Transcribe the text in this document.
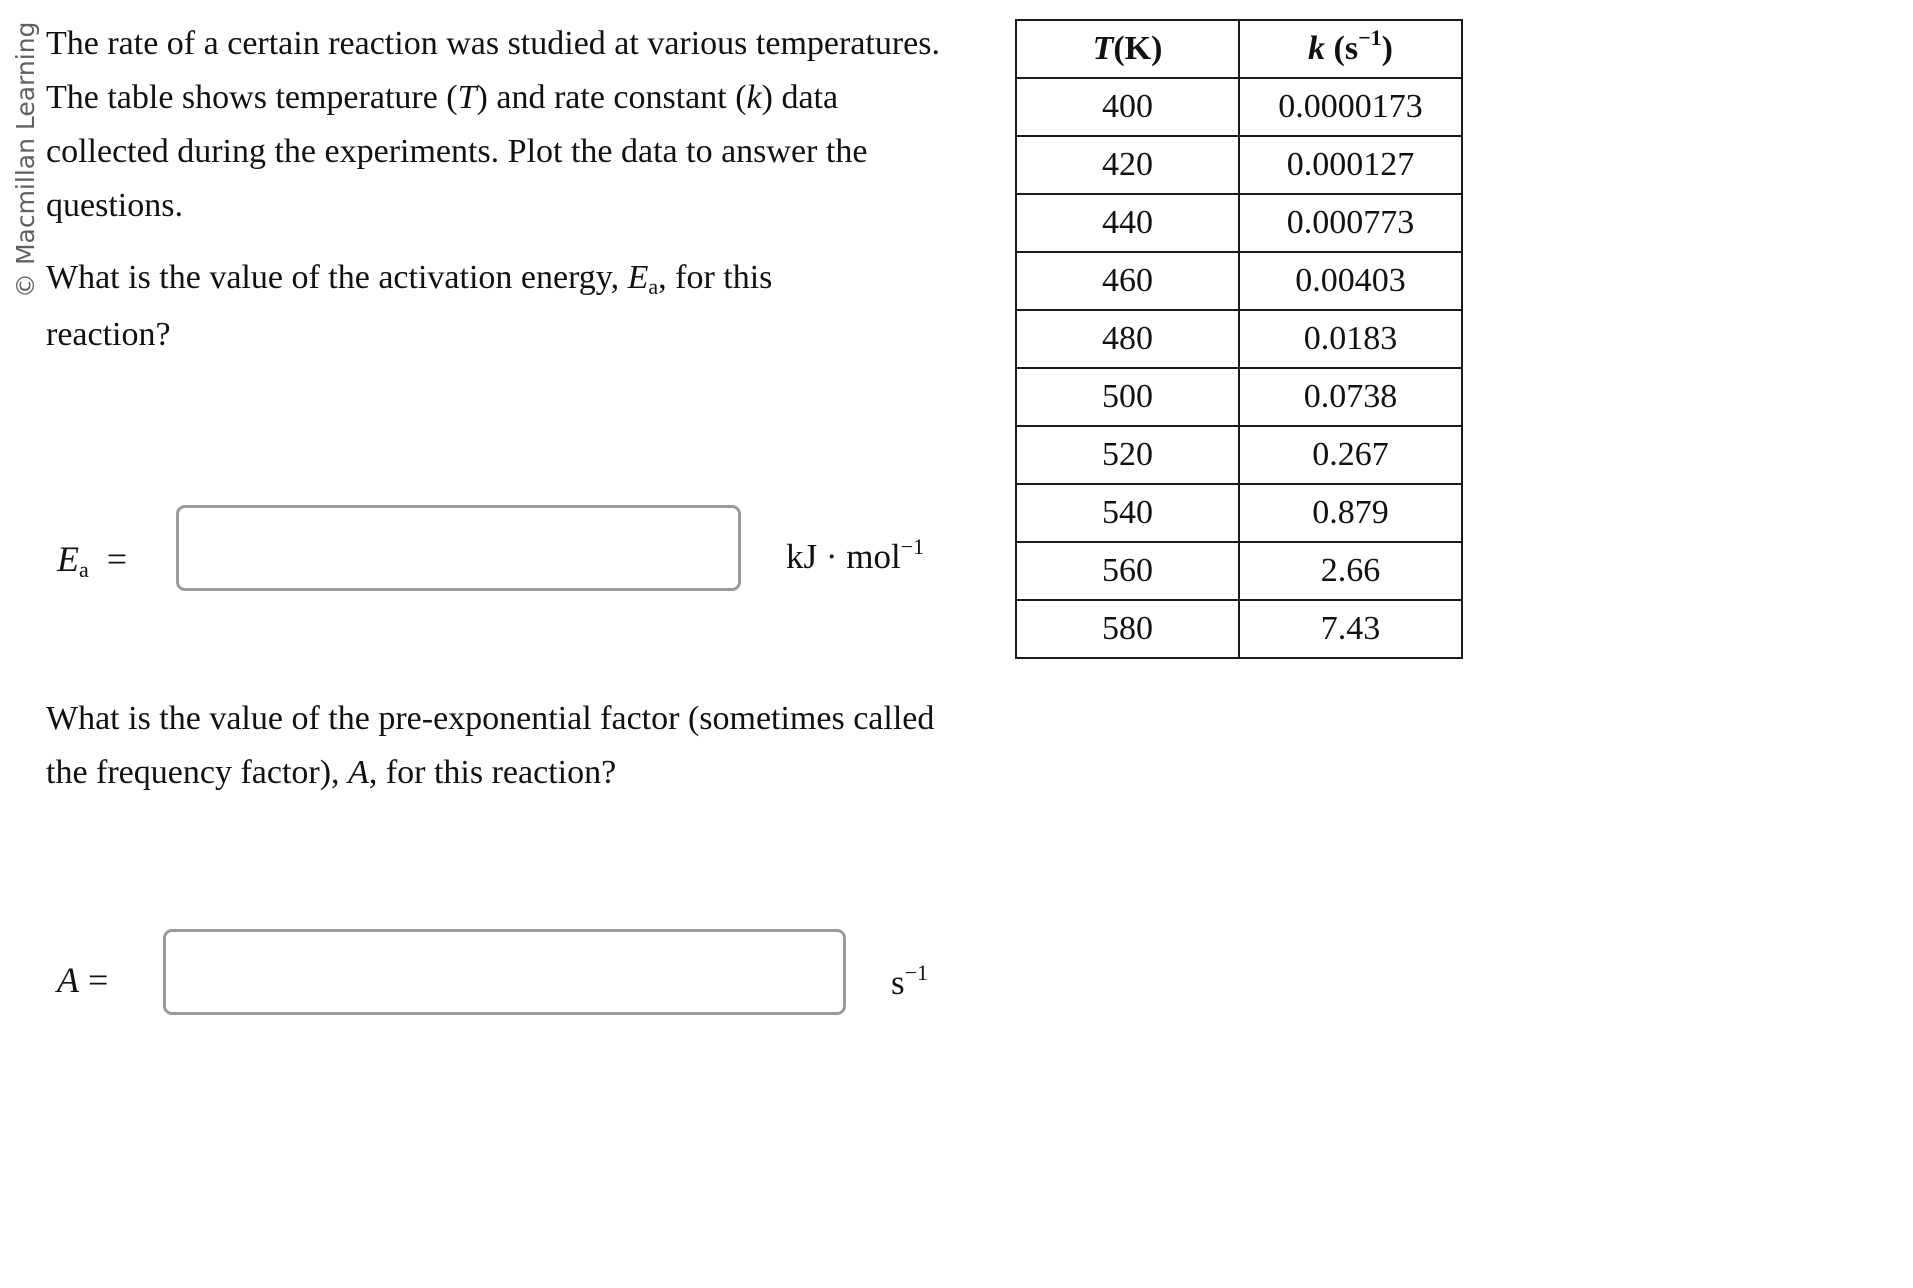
© Macmillan Learning The rate of a certain reaction was studied at various temperatures. The table shows temperature (T) and rate constant (k) data collected during the experiments. Plot the data to answer the questions.

What is the value of the activation energy, Ea, for this reaction?

Ea =	kJ · mol$^{-1}$

What is the value of the pre-exponential factor (sometimes called the frequency factor), A, for this reaction?

A =	$s^{-1}$
T(K)	k $(s^{-1})$
400	0.0000173
420	0.000127
440	0.000773
460	0.00403
480	0.0183
500	0.0738
520	0.267
540	0.879
560	2.66
580	7.43
